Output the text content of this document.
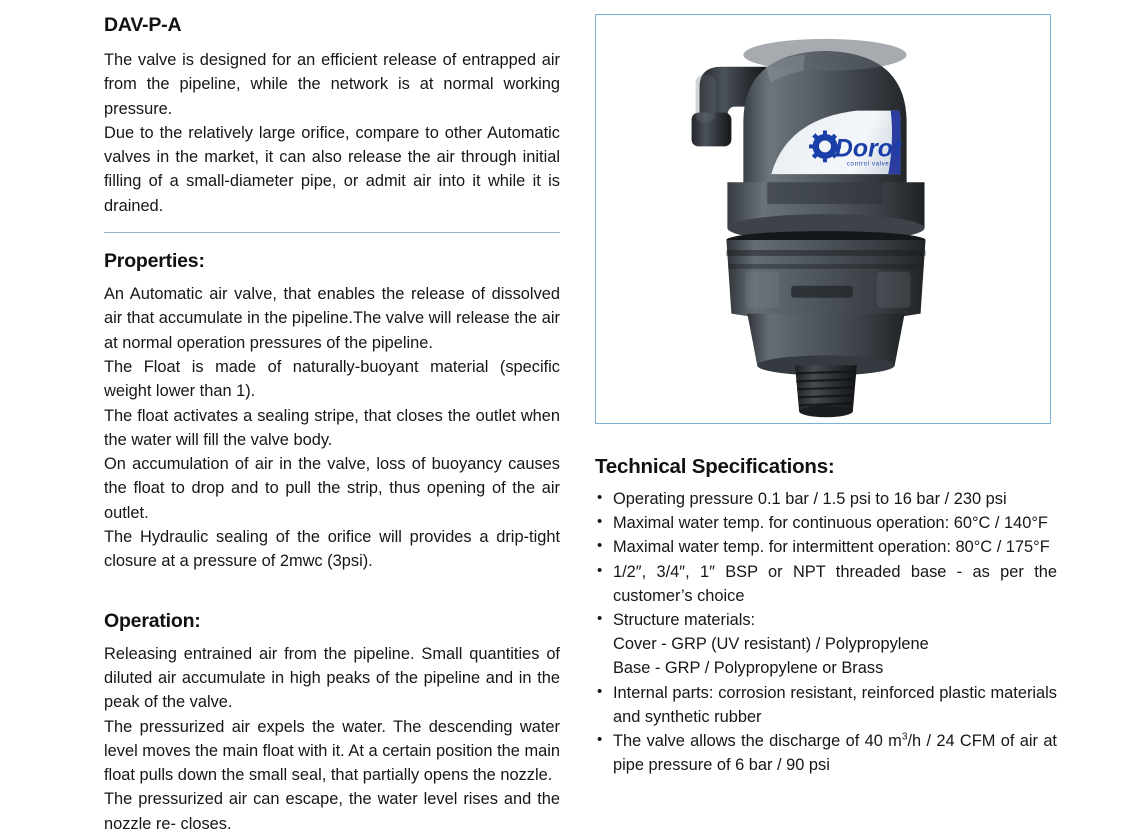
DAV-P-A

The valve is designed for an efficient release of entrapped air from the pipeline, while the network is at normal working pressure.

Due to the relatively large orifice, compare to other Automatic valves in the market, it can also release the air through initial filling of a small-diameter pipe, or admit air into it while it is drained.

Properties:

An Automatic air valve, that enables the release of dissolved air that accumulate in the pipeline.The valve will release the air at normal operation pressures of the pipeline.

The Float is made of naturally-buoyant material (specific weight lower than 1).

The float activates a sealing stripe, that closes the outlet when the water will fill the valve body.

On accumulation of air in the valve, loss of buoyancy causes the float to drop and to pull the strip, thus opening of the air outlet.

The Hydraulic sealing of the orifice will provides a drip-tight closure at a pressure of 2mwc (3psi).

Operation:

Releasing entrained air from the pipeline. Small quantities of diluted air accumulate in high peaks of the pipeline and in the peak of the valve.

The pressurized air expels the water. The descending water level moves the main float with it. At a certain position the main float pulls down the small seal, that partially opens the nozzle.

The pressurized air can escape, the water level rises and the nozzle re- closes.

Dorot
control valves
Technical Specifications:
• Operating pressure 0.1 bar / 1.5 psi to 16 bar / 230 psi
• Maximal water temp. for continuous operation: 60°C / 140°F
• Maximal water temp. for intermittent operation: 80°C / 175°F
• 1/2″, 3/4″, 1″ BSP or NPT threaded base - as per the customer’s choice
• Structure materials:
Cover - GRP (UV resistant) / Polypropylene
Base - GRP / Polypropylene or Brass
• Internal parts: corrosion resistant, reinforced plastic materials and synthetic rubber
• The valve allows the discharge of 40 $m^3/h / 24$ CFM of air at pipe pressure of 6 bar / 90 psi
